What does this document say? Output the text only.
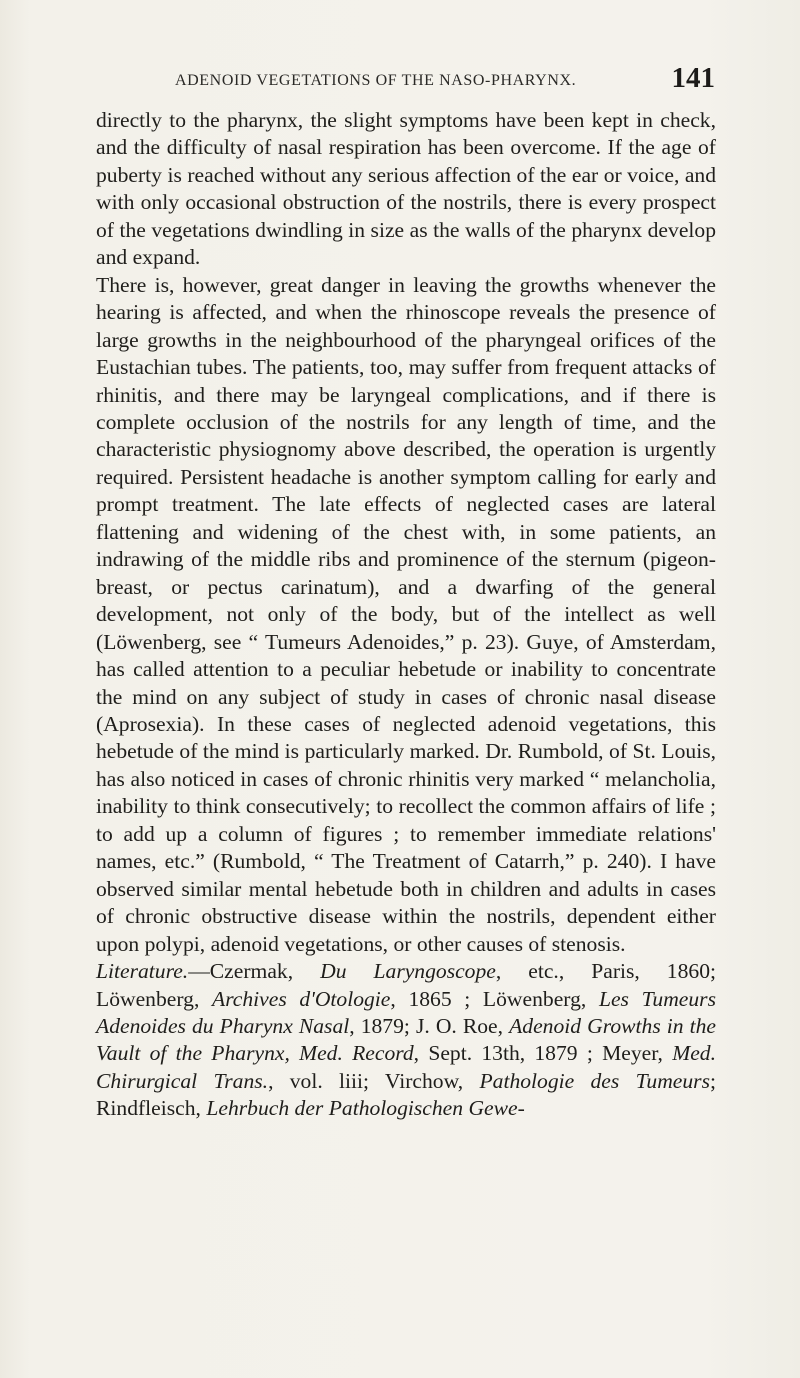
ADENOID VEGETATIONS OF THE NASO-PHARYNX.	141

directly to the pharynx, the slight symptoms have been kept in check, and the difficulty of nasal respiration has been overcome. If the age of puberty is reached without any serious affection of the ear or voice, and with only occasional obstruction of the nostrils, there is every prospect of the vegetations dwindling in size as the walls of the pharynx develop and expand.

There is, however, great danger in leaving the growths whenever the hearing is affected, and when the rhinoscope reveals the presence of large growths in the neighbourhood of the pharyngeal orifices of the Eustachian tubes. The patients, too, may suffer from frequent attacks of rhinitis, and there may be laryngeal complications, and if there is complete occlusion of the nostrils for any length of time, and the characteristic physiognomy above described, the operation is urgently required. Persistent headache is another symptom calling for early and prompt treatment. The late effects of neglected cases are lateral flattening and widening of the chest with, in some patients, an indrawing of the middle ribs and prominence of the sternum (pigeon-breast, or pectus carinatum), and a dwarfing of the general development, not only of the body, but of the intellect as well (Löwenberg, see “ Tumeurs Adenoides,” p. 23). Guye, of Amsterdam, has called attention to a peculiar hebetude or inability to concentrate the mind on any subject of study in cases of chronic nasal disease (Aprosexia). In these cases of neglected adenoid vegetations, this hebetude of the mind is particularly marked. Dr. Rumbold, of St. Louis, has also noticed in cases of chronic rhinitis very marked “ melancholia, inability to think consecutively; to recollect the common affairs of life ; to add up a column of figures ; to remember immediate relations' names, etc.” (Rumbold, “ The Treatment of Catarrh,” p. 240). I have observed similar mental hebetude both in children and adults in cases of chronic obstructive disease within the nostrils, dependent either upon polypi, adenoid vegetations, or other causes of stenosis.

Literature.—Czermak, Du Laryngoscope, etc., Paris, 1860; Löwenberg, Archives d'Otologie, 1865 ; Löwenberg, Les Tumeurs Adenoides du Pharynx Nasal, 1879; J. O. Roe, Adenoid Growths in the Vault of the Pharynx, Med. Record, Sept. 13th, 1879 ; Meyer, Med. Chirurgical Trans., vol. liii; Virchow, Pathologie des Tumeurs; Rindfleisch, Lehrbuch der Pathologischen Gewe-
